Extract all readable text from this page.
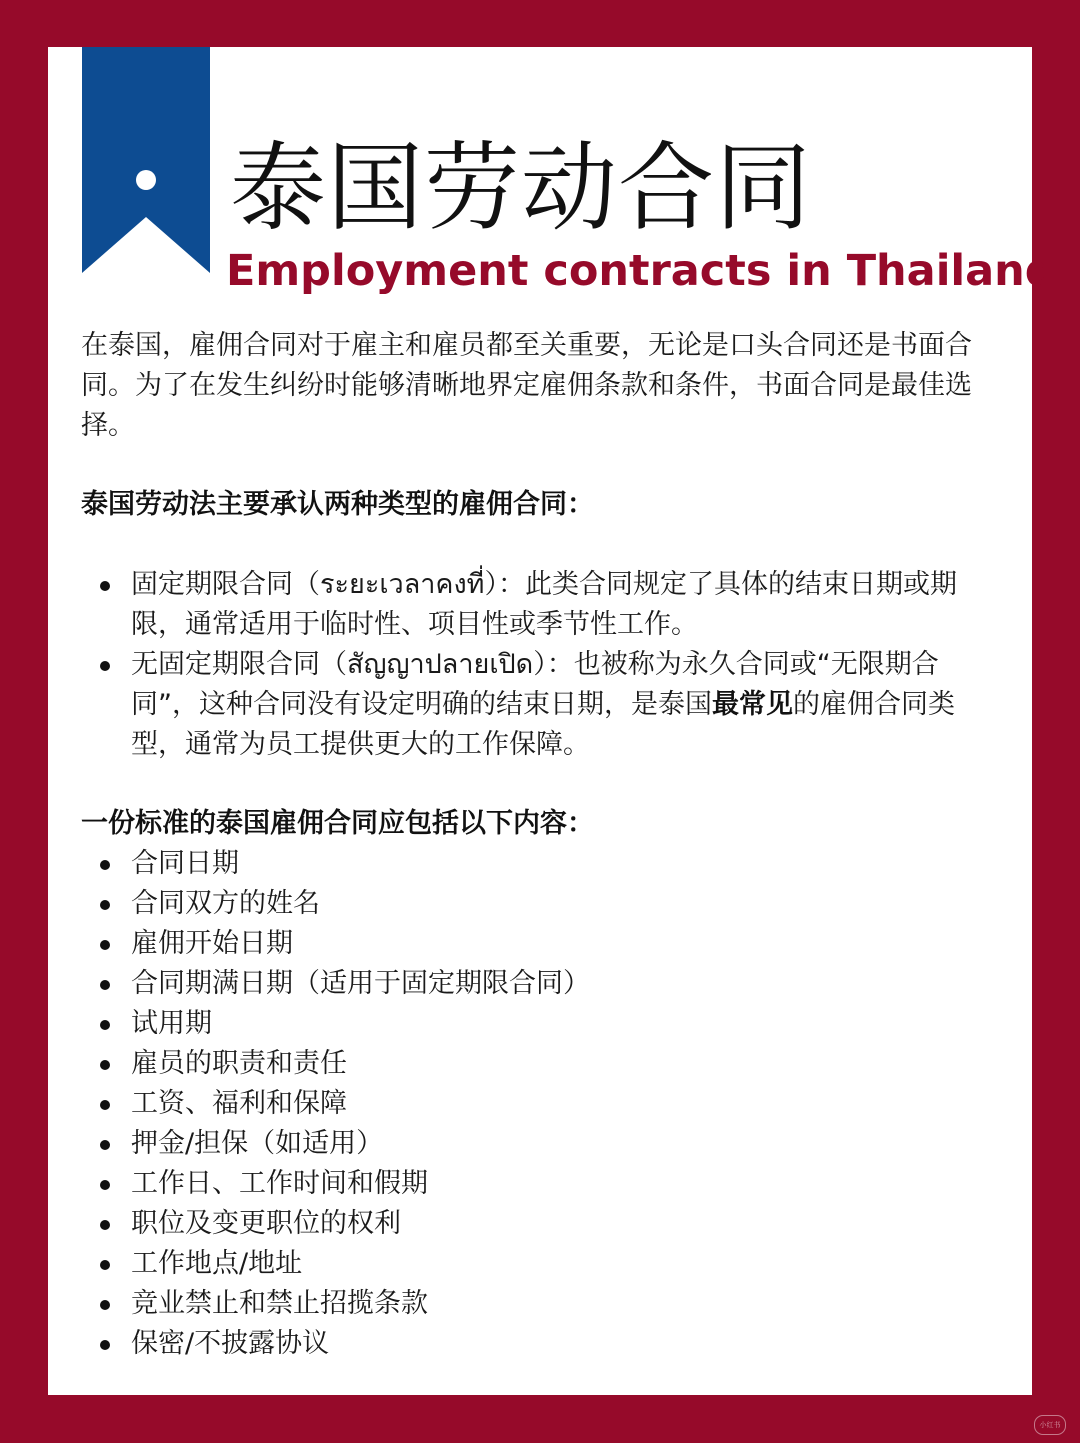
泰国劳动合同
Employment contracts in Thailand

在泰国，雇佣合同对于雇主和雇员都至关重要，无论是口头合同还是书面合同。为了在发生纠纷时能够清晰地界定雇佣条款和条件，书面合同是最佳选择。

泰国劳动法主要承认两种类型的雇佣合同：
固定期限合同（ระยะเวลาคงที่）：此类合同规定了具体的结束日期或期限，通常适用于临时性、项目性或季节性工作。
无固定期限合同（สัญญาปลายเปิด）：也被称为永久合同或“无限期合同”，这种合同没有设定明确的结束日期，是泰国最常见的雇佣合同类型，通常为员工提供更大的工作保障。
一份标准的泰国雇佣合同应包括以下内容：
合同日期
合同双方的姓名
雇佣开始日期
合同期满日期（适用于固定期限合同）
试用期
雇员的职责和责任
工资、福利和保障
押金/担保（如适用）
工作日、工作时间和假期
职位及变更职位的权利
工作地点/地址
竞业禁止和禁止招揽条款
保密/不披露协议
小红书
